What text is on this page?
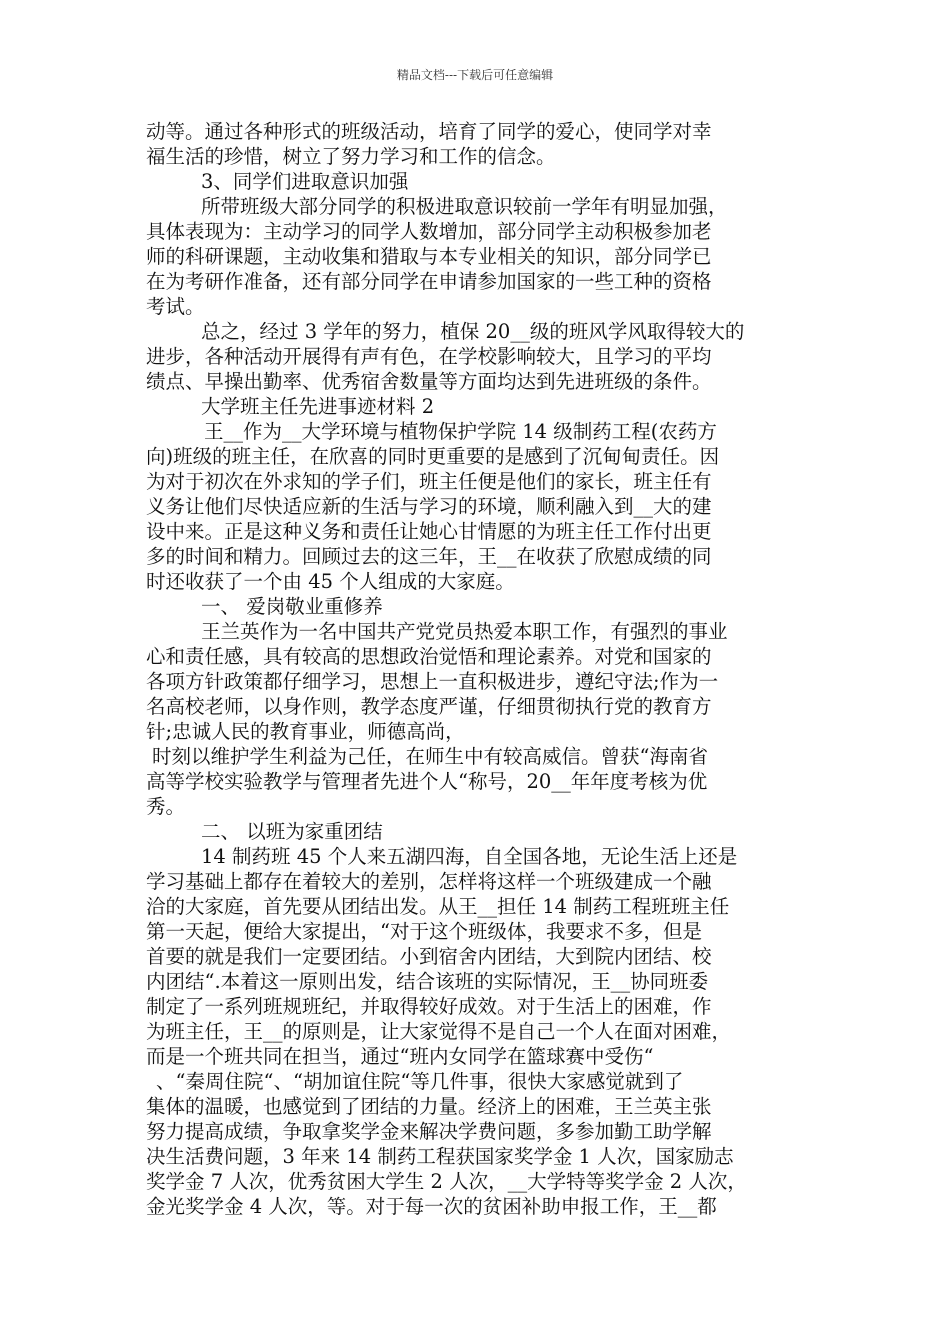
精品文档---下载后可任意编辑
动等。通过各种形式的班级活动，培育了同学的爱心，使同学对幸
福生活的珍惜，树立了努力学习和工作的信念。
3、同学们进取意识加强
所带班级大部分同学的积极进取意识较前一学年有明显加强，
具体表现为：主动学习的同学人数增加，部分同学主动积极参加老
师的科研课题，主动收集和猎取与本专业相关的知识，部分同学已
在为考研作准备，还有部分同学在申请参加国家的一些工种的资格
考试。
总之，经过 3 学年的努力，植保 20__级的班风学风取得较大的
进步，各种活动开展得有声有色，在学校影响较大，且学习的平均
绩点、早操出勤率、优秀宿舍数量等方面均达到先进班级的条件。
大学班主任先进事迹材料 2
王__作为__大学环境与植物保护学院 14 级制药工程(农药方
向)班级的班主任，在欣喜的同时更重要的是感到了沉甸甸责任。因
为对于初次在外求知的学子们，班主任便是他们的家长，班主任有
义务让他们尽快适应新的生活与学习的环境，顺利融入到__大的建
设中来。正是这种义务和责任让她心甘情愿的为班主任工作付出更
多的时间和精力。回顾过去的这三年，王__在收获了欣慰成绩的同
时还收获了一个由 45 个人组成的大家庭。
一、 爱岗敬业重修养
王兰英作为一名中国共产党党员热爱本职工作，有强烈的事业
心和责任感，具有较高的思想政治觉悟和理论素养。对党和国家的
各项方针政策都仔细学习，思想上一直积极进步，遵纪守法;作为一
名高校老师，以身作则，教学态度严谨，仔细贯彻执行党的教育方
针;忠诚人民的教育事业，师德高尚，
时刻以维护学生利益为己任，在师生中有较高威信。曾获“海南省
高等学校实验教学与管理者先进个人“称号，20__年年度考核为优
秀。
二、 以班为家重团结
14 制药班 45 个人来五湖四海，自全国各地，无论生活上还是
学习基础上都存在着较大的差别，怎样将这样一个班级建成一个融
洽的大家庭，首先要从团结出发。从王__担任 14 制药工程班班主任
第一天起，便给大家提出，“对于这个班级体，我要求不多，但是
首要的就是我们一定要团结。小到宿舍内团结，大到院内团结、校
内团结“.本着这一原则出发，结合该班的实际情况，王__协同班委
制定了一系列班规班纪，并取得较好成效。对于生活上的困难，作
为班主任，王__的原则是，让大家觉得不是自己一个人在面对困难，
而是一个班共同在担当，通过“班内女同学在篮球赛中受伤“
、“秦周住院“、“胡加谊住院“等几件事，很快大家感觉就到了
集体的温暖，也感觉到了团结的力量。经济上的困难，王兰英主张
努力提高成绩，争取拿奖学金来解决学费问题，多参加勤工助学解
决生活费问题，3 年来 14 制药工程获国家奖学金 1 人次，国家励志
奖学金 7 人次，优秀贫困大学生 2 人次，__大学特等奖学金 2 人次，
金光奖学金 4 人次，等。对于每一次的贫困补助申报工作，王__都
